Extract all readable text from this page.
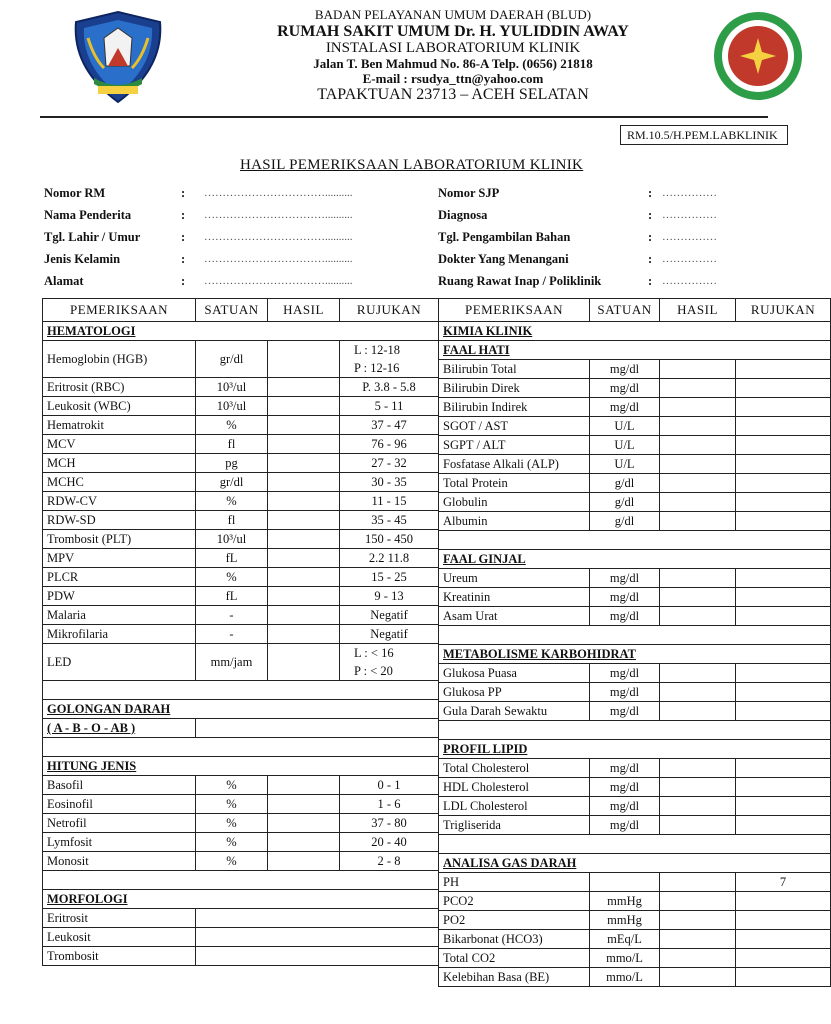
BADAN PELAYANAN UMUM DAERAH (BLUD)
RUMAH SAKIT UMUM Dr. H. YULIDDIN AWAY
INSTALASI LABORATORIUM KLINIK
Jalan T. Ben Mahmud No. 86-A Telp. (0656) 21818
E-mail : rsudya_ttn@yahoo.com
TAPAKTUAN 23713 – ACEH SELATAN
RM.10.5/H.PEM.LABKLINIK
HASIL PEMERIKSAAN LABORATORIUM KLINIK
Nomor RM	: ……………………………..........
Nama Penderita	: ……………………………..........
Tgl. Lahir / Umur	: ……………………………..........
Jenis Kelamin	: ……………………………..........
Alamat	: ……………………………..........
Nomor SJP	: ……………
Diagnosa	: ……………
Tgl. Pengambilan Bahan	: ……………
Dokter Yang Menangani	: ……………
Ruang Rawat Inap / Poliklinik	: ……………
PEMERIKSAAN	SATUAN	HASIL	RUJUKAN
HEMATOLOGI			
Hemoglobin (HGB)	gr/dl		L : 12-18
P : 12-16

Eritrosit (RBC)	10³/ul		P. 3.8 - 5.8
Leukosit (WBC)	10³/ul		5 - 11
Hematrokit	%		37 - 47
MCV	fl		76 - 96
MCH	pg		27 - 32
MCHC	gr/dl		30 - 35
RDW-CV	%		11 - 15
RDW-SD	fl		35 - 45
Trombosit (PLT)	10³/ul		150 - 450
MPV	fL		2.2 11.8
PLCR	%		15 - 25
PDW	fL		9 - 13
Malaria	-		Negatif
Mikrofilaria	-		Negatif
LED	mm/jam		L : < 16
P : < 20

GOLONGAN DARAH			
( A - B - O - AB )			

HITUNG JENIS			
Basofil	%		0 - 1
Eosinofil	%		1 - 6
Netrofil	%		37 - 80
Lymfosit	%		20 - 40
Monosit	%		2 - 8

MORFOLOGI			
Eritrosit			
Leukosit			
Trombosit			
PEMERIKSAAN	SATUAN	HASIL	RUJUKAN
KIMIA KLINIK			
FAAL HATI			
Bilirubin Total	mg/dl		
Bilirubin Direk	mg/dl		
Bilirubin Indirek	mg/dl		
SGOT / AST	U/L		
SGPT / ALT	U/L		
Fosfatase Alkali (ALP)	U/L		
Total Protein	g/dl		
Globulin	g/dl		
Albumin	g/dl		

FAAL GINJAL			
Ureum	mg/dl		
Kreatinin	mg/dl		
Asam Urat	mg/dl		

METABOLISME KARBOHIDRAT			
Glukosa Puasa	mg/dl		
Glukosa PP	mg/dl		
Gula Darah Sewaktu	mg/dl		

PROFIL LIPID			
Total Cholesterol	mg/dl		
HDL Cholesterol	mg/dl		
LDL Cholesterol	mg/dl		
Trigliserida	mg/dl		

ANALISA GAS DARAH			
PH			7
PCO2	mmHg		
PO2	mmHg		
Bikarbonat (HCO3)	mEq/L		
Total CO2	mmo/L		
Kelebihan Basa (BE)	mmo/L		
